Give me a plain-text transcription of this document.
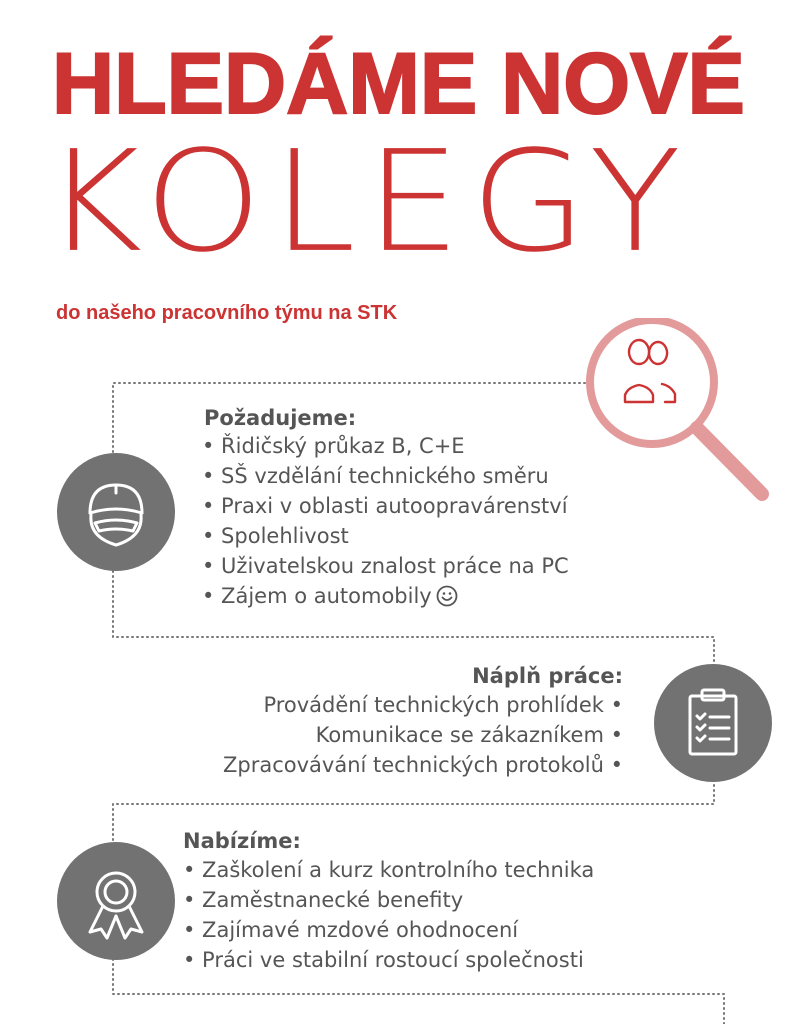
HLEDÁME NOVÉ
KOLEGY
do našeho pracovního týmu na STK
Požadujeme:
• Řidičský průkaz B, C+E
• SŠ vzdělání technického směru
• Praxi v oblasti autoopravárenství
• Spolehlivost
• Uživatelskou znalost práce na PC
• Zájem o automobily
Náplň práce:
Provádění technických prohlídek •
Komunikace se zákazníkem •
Zpracovávání technických protokolů •
Nabízíme:
• Zaškolení a kurz kontrolního technika
• Zaměstnanecké benefity
• Zajímavé mzdové ohodnocení
• Práci ve stabilní rostoucí společnosti
